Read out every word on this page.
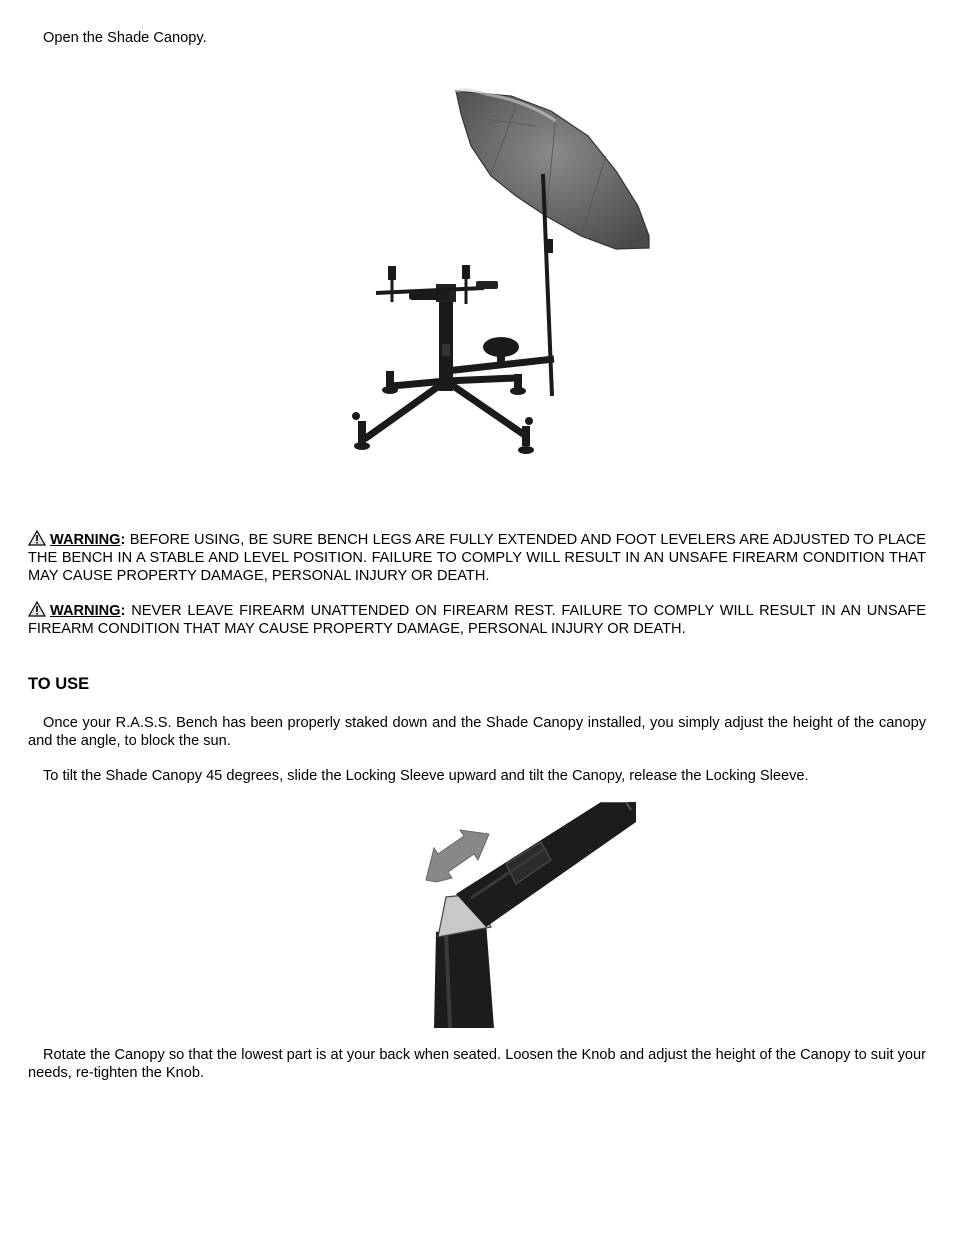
Open the Shade Canopy.

WARNING: BEFORE USING, BE SURE BENCH LEGS ARE FULLY EXTENDED AND FOOT LEVELERS ARE ADJUSTED TO PLACE THE BENCH IN A STABLE AND LEVEL POSITION. FAILURE TO COMPLY WILL RESULT IN AN UNSAFE FIREARM CONDITION THAT MAY CAUSE PROPERTY DAMAGE, PERSONAL INJURY OR DEATH.

WARNING: NEVER LEAVE FIREARM UNATTENDED ON FIREARM REST. FAILURE TO COMPLY WILL RESULT IN AN UNSAFE FIREARM CONDITION THAT MAY CAUSE PROPERTY DAMAGE, PERSONAL INJURY OR DEATH.

TO USE

Once your R.A.S.S. Bench has been properly staked down and the Shade Canopy installed, you simply adjust the height of the canopy and the angle, to block the sun.

To tilt the Shade Canopy 45 degrees, slide the Locking Sleeve upward and tilt the Canopy, release the Locking Sleeve.

Rotate the Canopy so that the lowest part is at your back when seated. Loosen the Knob and adjust the height of the Canopy to suit your needs, re-tighten the Knob.
